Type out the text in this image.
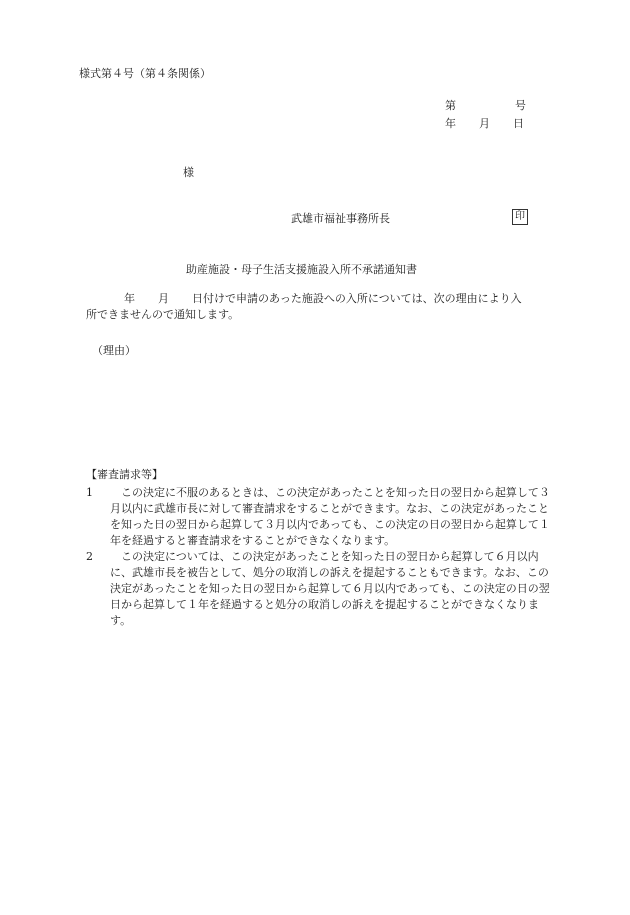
様式第４号（第４条関係）
第	号
年 月 日
様
武雄市福祉事務所長	印
助産施設・母子生活支援施設入所不承諾通知書

年 月 日付けで申請のあった施設への入所については、次の理由により入

所できませんので通知します。

（理由）
【審査請求等】
1	この決定に不服のあるときは、この決定があったことを知った日の翌日から起算して３月以内に武雄市長に対して審査請求をすることができます。なお、この決定があったことを知った日の翌日から起算して３月以内であっても、この決定の日の翌日から起算して１年を経過すると審査請求をすることができなくなります。
2	この決定については、この決定があったことを知った日の翌日から起算して６月以内に、武雄市長を被告として、処分の取消しの訴えを提起することもできます。なお、この決定があったことを知った日の翌日から起算して６月以内であっても、この決定の日の翌日から起算して１年を経過すると処分の取消しの訴えを提起することができなくなります。
